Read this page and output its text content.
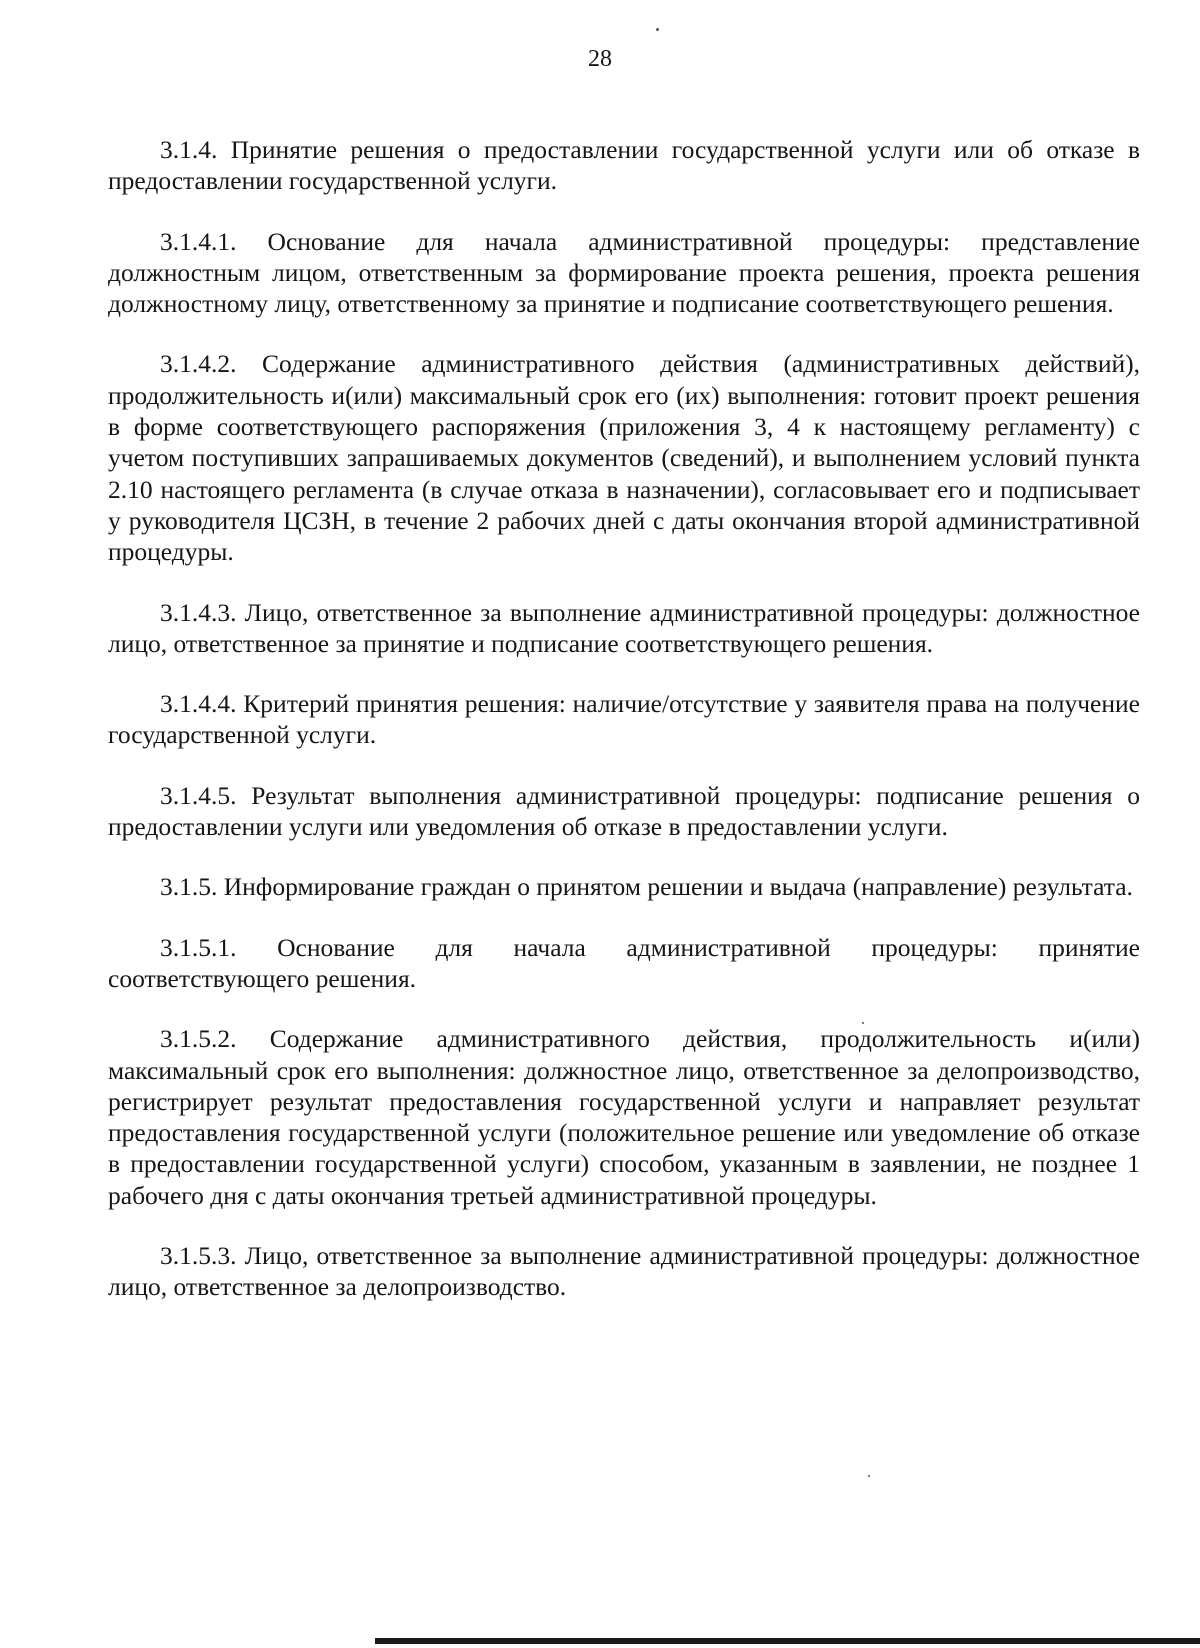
28

3.1.4. Принятие решения о предоставлении государственной услуги или об отказе в предоставлении государственной услуги.

3.1.4.1. Основание для начала административной процедуры: представление должностным лицом, ответственным за формирование проекта решения, проекта решения должностному лицу, ответственному за принятие и подписание соответствующего решения.

3.1.4.2. Содержание административного действия (административных действий), продолжительность и(или) максимальный срок его (их) выполнения: готовит проект решения в форме соответствующего распоряжения (приложения 3, 4 к настоящему регламенту) с учетом поступивших запрашиваемых документов (сведений), и выполнением условий пункта 2.10 настоящего регламента (в случае отказа в назначении), согласовывает его и подписывает у руководителя ЦСЗН, в течение 2 рабочих дней с даты окончания второй административной процедуры.

3.1.4.3. Лицо, ответственное за выполнение административной процедуры: должностное лицо, ответственное за принятие и подписание соответствующего решения.

3.1.4.4. Критерий принятия решения: наличие/отсутствие у заявителя права на получение государственной услуги.

3.1.4.5. Результат выполнения административной процедуры: подписание решения о предоставлении услуги или уведомления об отказе в предоставлении услуги.

3.1.5. Информирование граждан о принятом решении и выдача (направление) результата.

3.1.5.1. Основание для начала административной процедуры: принятие соответствующего решения.

3.1.5.2. Содержание административного действия, продолжительность и(или) максимальный срок его выполнения: должностное лицо, ответственное за делопроизводство, регистрирует результат предоставления государственной услуги и направляет результат предоставления государственной услуги (положительное решение или уведомление об отказе в предоставлении государственной услуги) способом, указанным в заявлении, не позднее 1 рабочего дня с даты окончания третьей административной процедуры.

3.1.5.3. Лицо, ответственное за выполнение административной процедуры: должностное лицо, ответственное за делопроизводство.
